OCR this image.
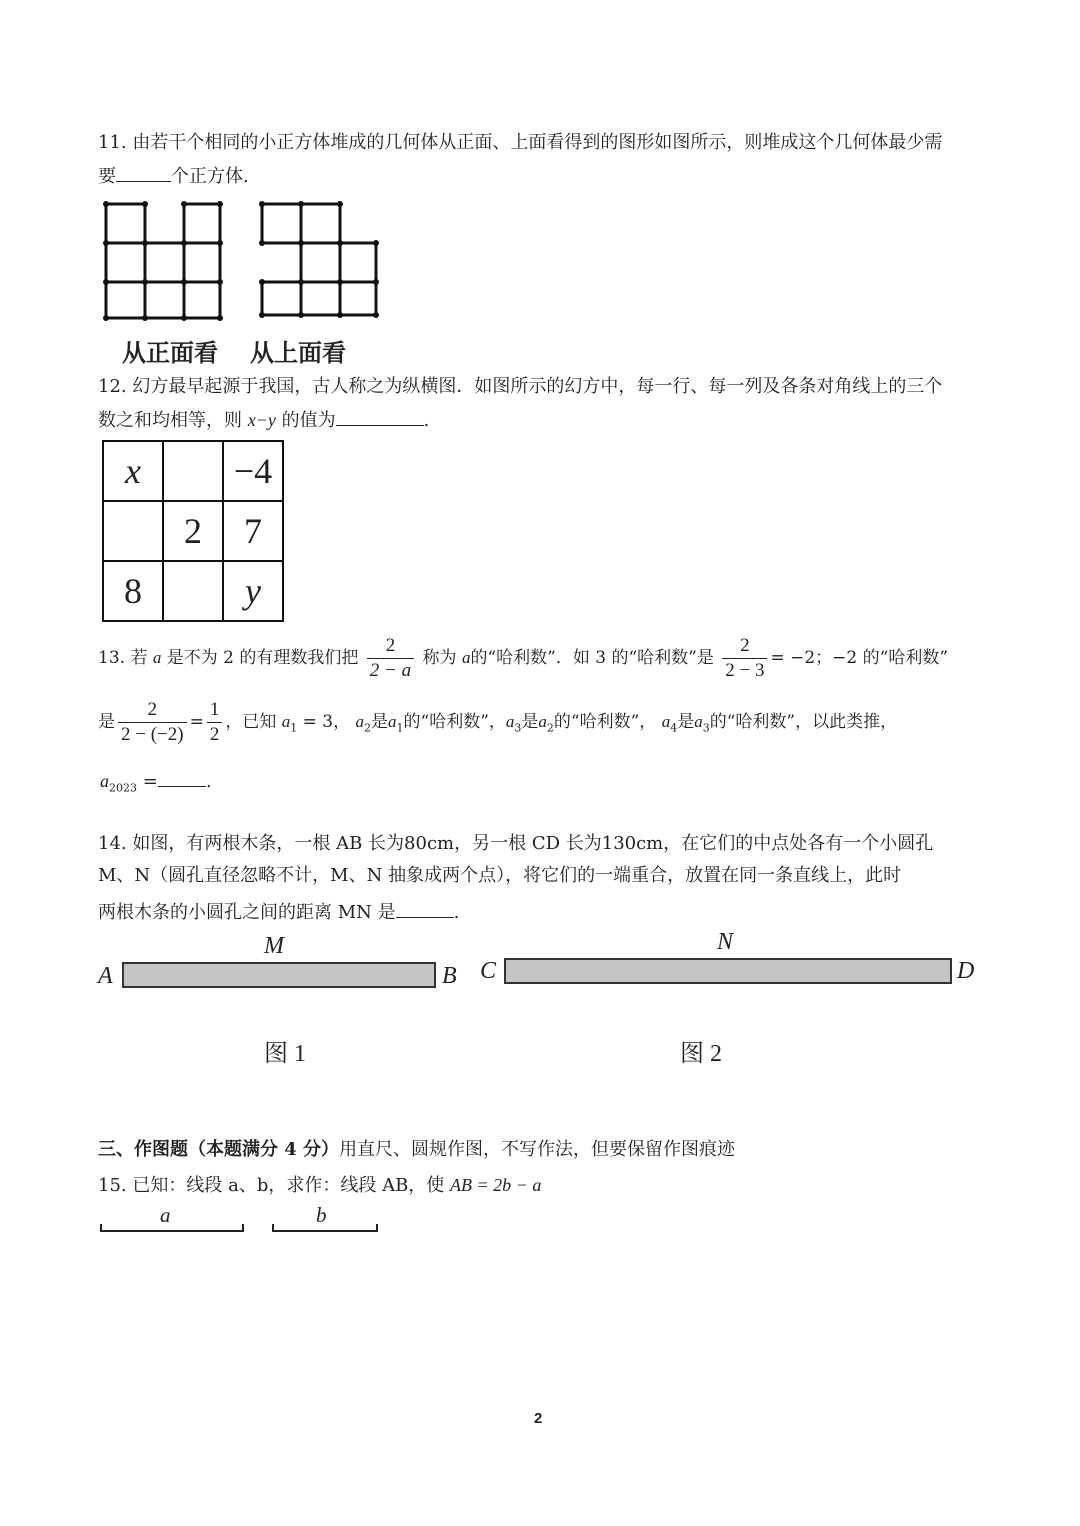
11. 由若干个相同的小正方体堆成的几何体从正面、上面看得到的图形如图所示，则堆成这个几何体最少需
要	个正方体.
从正面看 从上面看
12. 幻方最早起源于我国，古人称之为纵横图．如图所示的幻方中，每一行、每一列及各条对角线上的三个
数之和均相等，则 x−y 的值为	.
x		−4
	2	7
8		y
13. 若 a 是不为 2 的有理数我们把 $\frac{2}{2 - a}$ 称为 a的“哈利数”．如 3 的“哈利数”是 $\frac{2}{2 - 3} = -2$；−2 的“哈利数”
是 $\frac{2}{2 - (-2)} = \frac{1}{2}$ ，已知 $a_1 = 3$， $a_2$是$a_1$的“哈利数”，$a_3$是$a_2$的“哈利数”， $a_4$是$a_3$的“哈利数”，以此类推，
$a_{2023}$ =	.
14. 如图，有两根木条，一根 AB 长为80cm，另一根 CD 长为130cm，在它们的中点处各有一个小圆孔
M、N（圆孔直径忽略不计，M、N 抽象成两个点），将它们的一端重合，放置在同一条直线上，此时
两根木条的小圆孔之间的距离 MN 是	.
M
A	B
N
C	D
图 1	图 2
三、作图题（本题满分 4 分）用直尺、圆规作图，不写作法，但要保留作图痕迹
15. 已知：线段 a、b，求作：线段 AB，使 AB = 2b − a
a	b
2
